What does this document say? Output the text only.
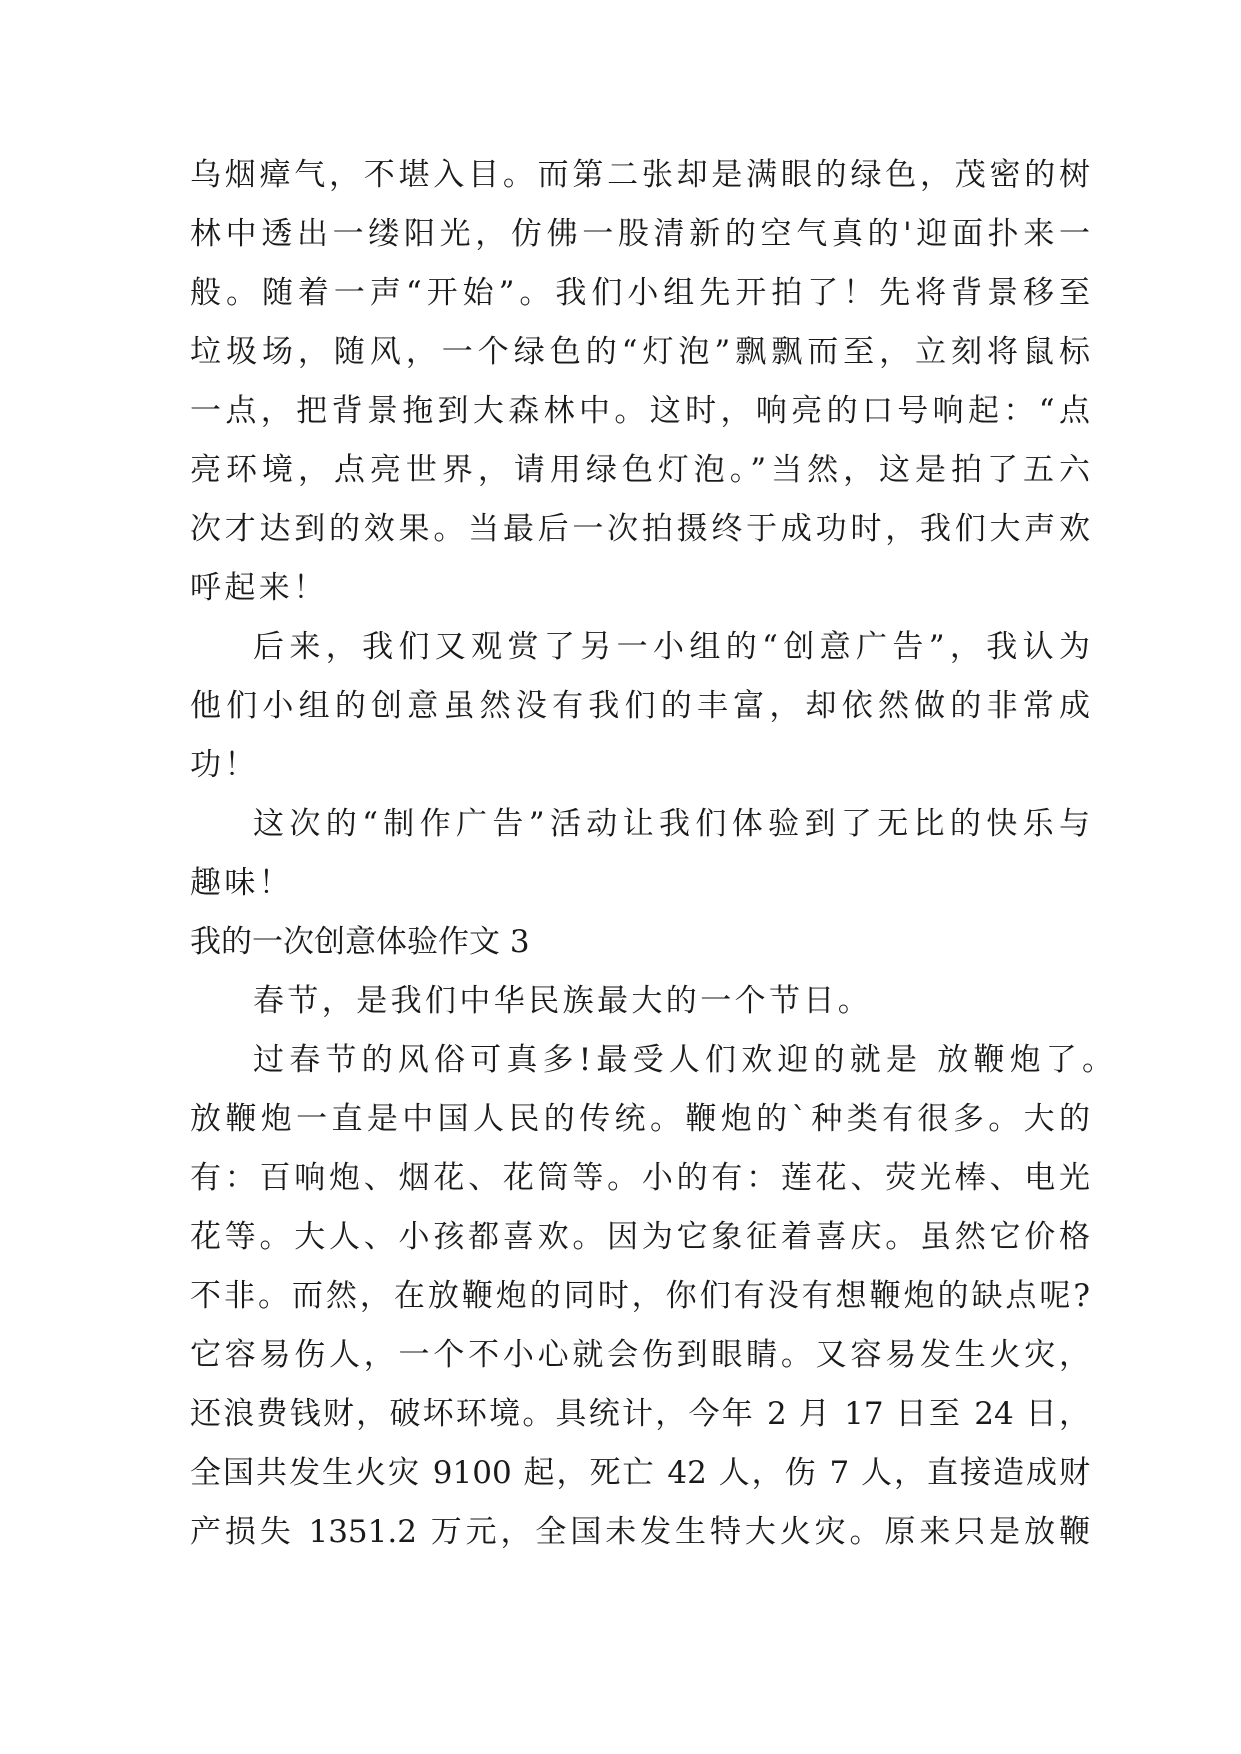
乌烟瘴气，不堪入目。而第二张却是满眼的绿色，茂密的树
林中透出一缕阳光，仿佛一股清新的空气真的'迎面扑来一
般。随着一声“开始”。我们小组先开拍了！先将背景移至
垃圾场，随风，一个绿色的“灯泡”飘飘而至，立刻将鼠标
一点，把背景拖到大森林中。这时，响亮的口号响起：“点
亮环境，点亮世界，请用绿色灯泡。”当然，这是拍了五六
次才达到的效果。当最后一次拍摄终于成功时，我们大声欢
呼起来！
后来，我们又观赏了另一小组的“创意广告”，我认为
他们小组的创意虽然没有我们的丰富，却依然做的非常成
功！
这次的“制作广告”活动让我们体验到了无比的快乐与
趣味！
我的一次创意体验作文 3
春节，是我们中华民族最大的一个节日。
过春节的风俗可真多!最受人们欢迎的就是 放鞭炮了。
放鞭炮一直是中国人民的传统。鞭炮的`种类有很多。大的
有：百响炮、烟花、花筒等。小的有：莲花、荧光棒、电光
花等。大人、小孩都喜欢。因为它象征着喜庆。虽然它价格
不非。而然，在放鞭炮的同时，你们有没有想鞭炮的缺点呢?
它容易伤人，一个不小心就会伤到眼睛。又容易发生火灾，
还浪费钱财，破坏环境。具统计，今年 2 月 17 日至 24 日，
全国共发生火灾 9100 起，死亡 42 人，伤 7 人，直接造成财
产损失 1351.2 万元，全国未发生特大火灾。原来只是放鞭
